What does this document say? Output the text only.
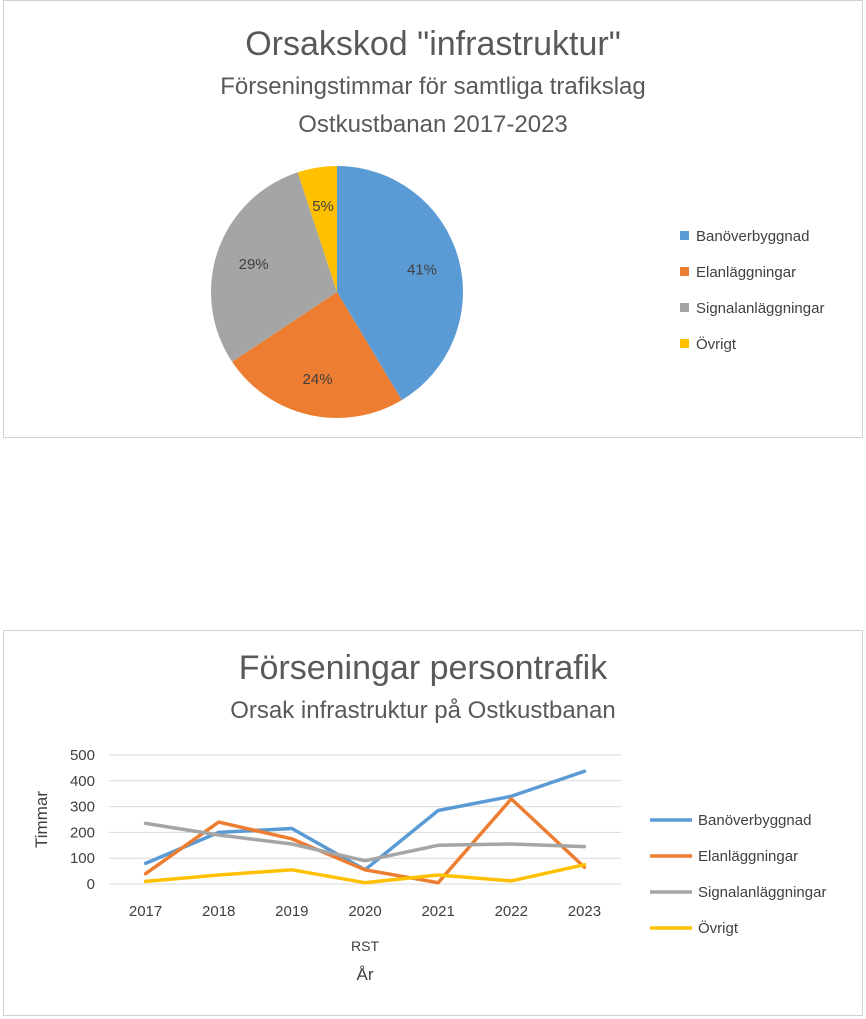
Orsakskod "infrastruktur"
Förseningstimmar för samtliga trafikslag
Ostkustbanan 2017-2023
41%
24%
29%
5%
Banöverbyggnad
Elanläggningar
Signalanläggningar
Övrigt
Förseningar persontrafik
Orsak infrastruktur på Ostkustbanan
0
100
200
300
400
500
2017	2018	2019	2020	2021	2022	2023
Timmar
RST
År
Banöverbyggnad
Elanläggningar
Signalanläggningar
Övrigt
